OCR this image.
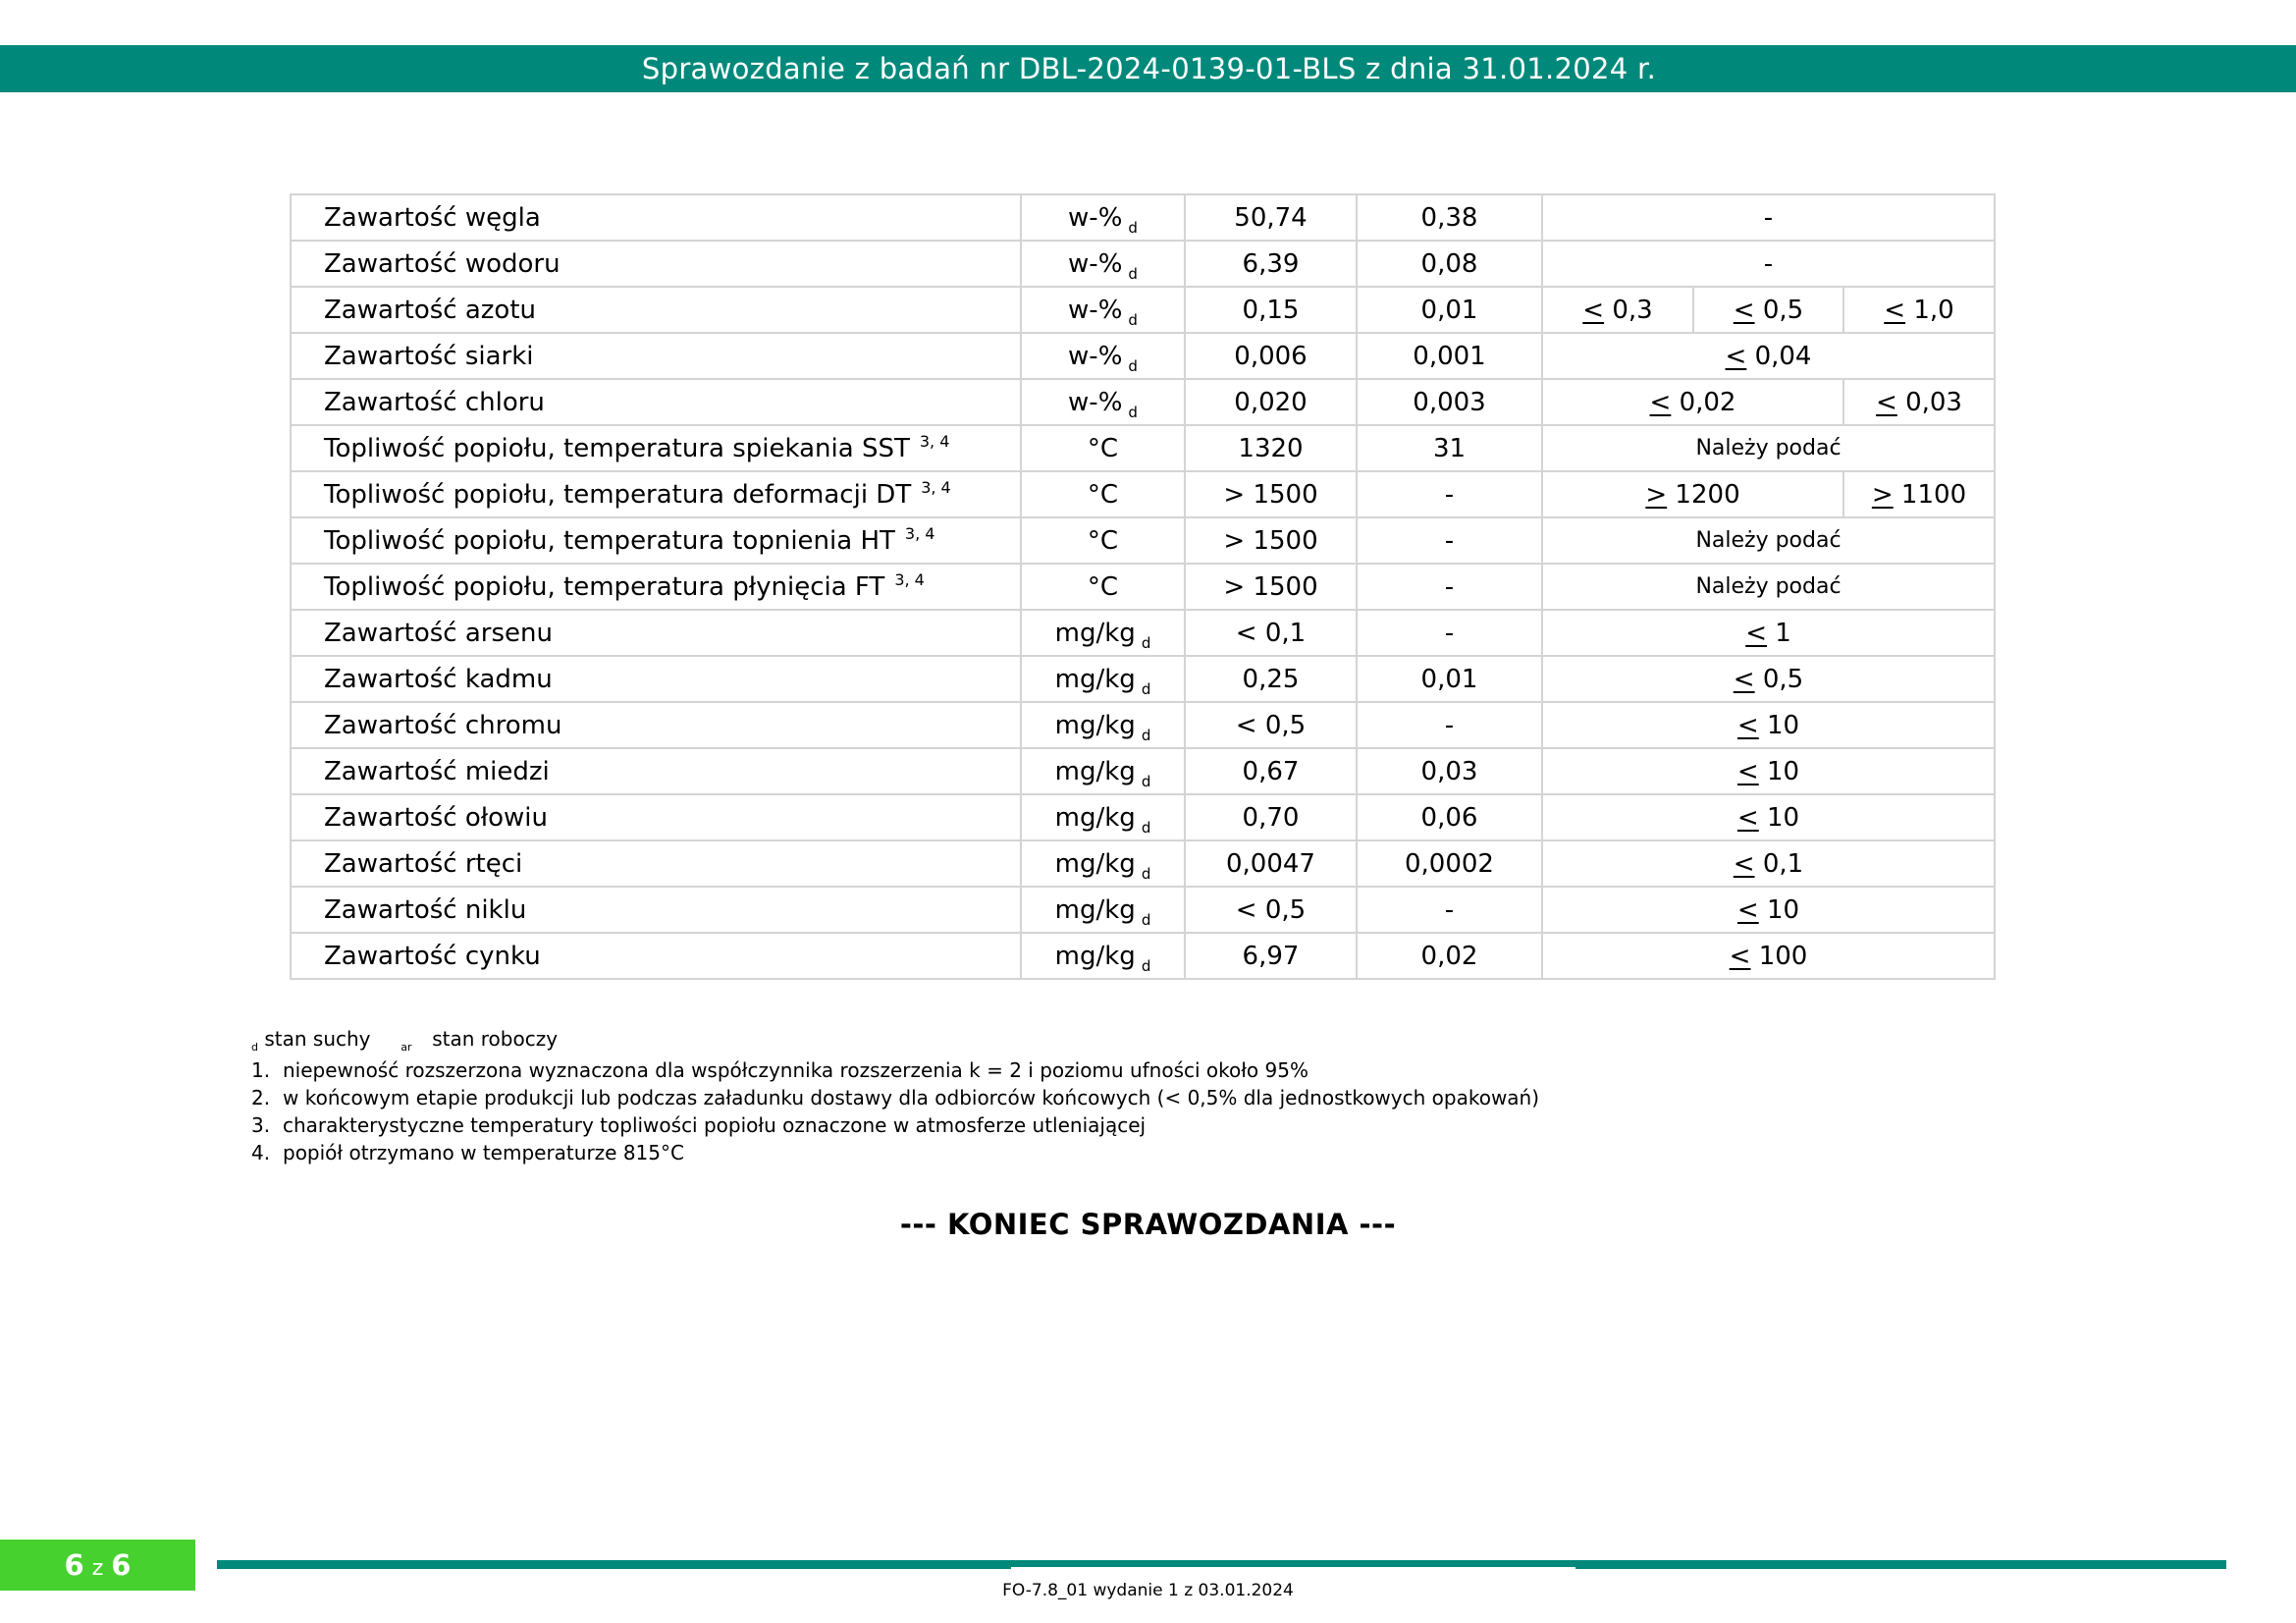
Sprawozdanie z badań nr DBL-2024-0139-01-BLS z dnia 31.01.2024 r.
Zawartość węgla	w-% $_d$	50,74	0,38	-		
Zawartość wodoru	w-% $_d$	6,39	0,08	-		
Zawartość azotu	w-% $_d$	0,15	0,01	< 0,3	< 0,5	< 1,0
Zawartość siarki	w-% $_d$	0,006	0,001	< 0,04		
Zawartość chloru	w-% $_d$	0,020	0,003	< 0,02		< 0,03
Topliwość popiołu, temperatura spiekania SST $^{3, 4}$	°C	1320	31	Należy podać		
Topliwość popiołu, temperatura deformacji DT $^{3, 4}$	°C	> 1500	-	> 1200		> 1100
Topliwość popiołu, temperatura topnienia HT $^{3, 4}$	°C	> 1500	-	Należy podać		
Topliwość popiołu, temperatura płynięcia FT $^{3, 4}$	°C	> 1500	-	Należy podać		
Zawartość arsenu	mg/kg $_d$	< 0,1	-	< 1		
Zawartość kadmu	mg/kg $_d$	0,25	0,01	< 0,5		
Zawartość chromu	mg/kg $_d$	< 0,5	-	< 10		
Zawartość miedzi	mg/kg $_d$	0,67	0,03	< 10		
Zawartość ołowiu	mg/kg $_d$	0,70	0,06	< 10		
Zawartość rtęci	mg/kg $_d$	0,0047	0,0002	< 0,1		
Zawartość niklu	mg/kg $_d$	< 0,5	-	< 10		
Zawartość cynku	mg/kg $_d$	6,97	0,02	< 100		
$_d$ stan suchy	$_{ar}$ stan roboczy
1. niepewność rozszerzona wyznaczona dla współczynnika rozszerzenia k = 2 i poziomu ufności około 95%
2. w końcowym etapie produkcji lub podczas załadunku dostawy dla odbiorców końcowych (< 0,5% dla jednostkowych opakowań)
3. charakterystyczne temperatury topliwości popiołu oznaczone w atmosferze utleniającej
4. popiół otrzymano w temperaturze 815°C
--- KONIEC SPRAWOZDANIA ---
6 z 6
FO-7.8_01 wydanie 1 z 03.01.2024
